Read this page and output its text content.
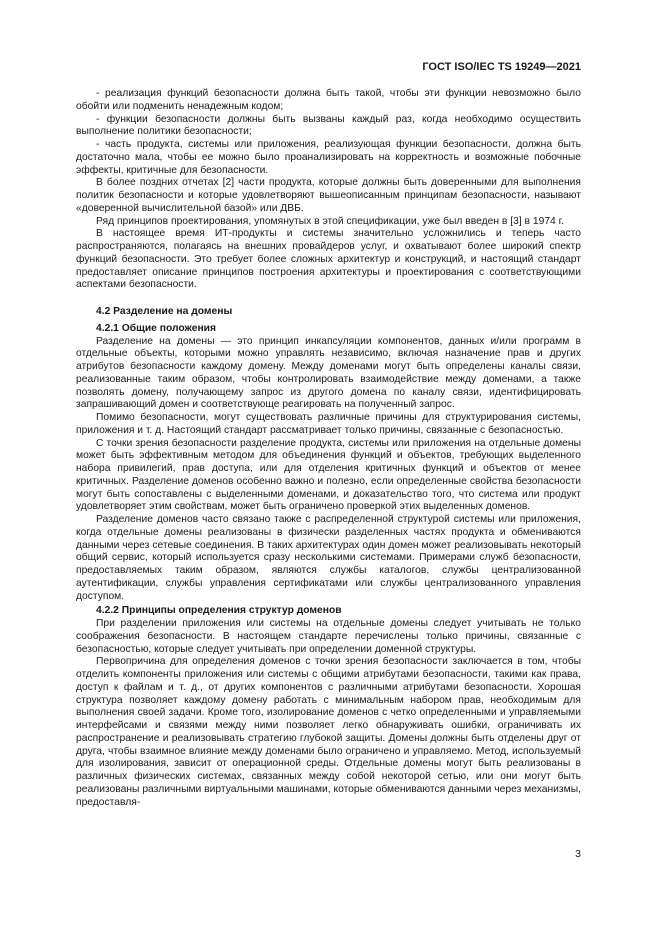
ГОСТ ISO/IEC TS 19249—2021

- реализация функций безопасности должна быть такой, чтобы эти функции невозможно было обойти или подменить ненадежным кодом;

- функции безопасности должны быть вызваны каждый раз, когда необходимо осуществить выполнение политики безопасности;

- часть продукта, системы или приложения, реализующая функции безопасности, должна быть достаточно мала, чтобы ее можно было проанализировать на корректность и возможные побочные эффекты, критичные для безопасности.

В более поздних отчетах [2] части продукта, которые должны быть доверенными для выполнения политик безопасности и которые удовлетворяют вышеописанным принципам безопасности, называют «доверенной вычислительной базой» или ДВБ.

Ряд принципов проектирования, упомянутых в этой спецификации, уже был введен в [3] в 1974 г.

В настоящее время ИТ-продукты и системы значительно усложнились и теперь часто распространяются, полагаясь на внешних провайдеров услуг, и охватывают более широкий спектр функций безопасности. Это требует более сложных архитектур и конструкций, и настоящий стандарт предоставляет описание принципов построения архитектуры и проектирования с соответствующими аспектами безопасности.

4.2 Разделение на домены

4.2.1 Общие положения

Разделение на домены — это принцип инкапсуляции компонентов, данных и/или программ в отдельные объекты, которыми можно управлять независимо, включая назначение прав и других атрибутов безопасности каждому домену. Между доменами могут быть определены каналы связи, реализованные таким образом, чтобы контролировать взаимодействие между доменами, а также позволять домену, получающему запрос из другого домена по каналу связи, идентифицировать запрашивающий домен и соответствующе реагировать на полученный запрос.

Помимо безопасности, могут существовать различные причины для структурирования системы, приложения и т. д. Настоящий стандарт рассматривает только причины, связанные с безопасностью.

С точки зрения безопасности разделение продукта, системы или приложения на отдельные домены может быть эффективным методом для объединения функций и объектов, требующих выделенного набора привилегий, прав доступа, или для отделения критичных функций и объектов от менее критичных. Разделение доменов особенно важно и полезно, если определенные свойства безопасности могут быть сопоставлены с выделенными доменами, и доказательство того, что система или продукт удовлетворяет этим свойствам, может быть ограничено проверкой этих выделенных доменов.

Разделение доменов часто связано также с распределенной структурой системы или приложения, когда отдельные домены реализованы в физически разделенных частях продукта и обмениваются данными через сетевые соединения. В таких архитектурах один домен может реализовывать некоторый общий сервис, который используется сразу несколькими системами. Примерами служб безопасности, предоставляемых таким образом, являются службы каталогов, службы централизованной аутентификации, службы управления сертификатами или службы централизованного управления доступом.

4.2.2 Принципы определения структур доменов

При разделении приложения или системы на отдельные домены следует учитывать не только соображения безопасности. В настоящем стандарте перечислены только причины, связанные с безопасностью, которые следует учитывать при определении доменной структуры.

Первопричина для определения доменов с точки зрения безопасности заключается в том, чтобы отделить компоненты приложения или системы с общими атрибутами безопасности, такими как права, доступ к файлам и т. д., от других компонентов с различными атрибутами безопасности. Хорошая структура позволяет каждому домену работать с минимальным набором прав, необходимым для выполнения своей задачи. Кроме того, изолирование доменов с четко определенными и управляемыми интерфейсами и связями между ними позволяет легко обнаруживать ошибки, ограничивать их распространение и реализовывать стратегию глубокой защиты. Домены должны быть отделены друг от друга, чтобы взаимное влияние между доменами было ограничено и управляемо. Метод, используемый для изолирования, зависит от операционной среды. Отдельные домены могут быть реализованы в различных физических системах, связанных между собой некоторой сетью, или они могут быть реализованы различными виртуальными машинами, которые обмениваются данными через механизмы, предоставля-

3
